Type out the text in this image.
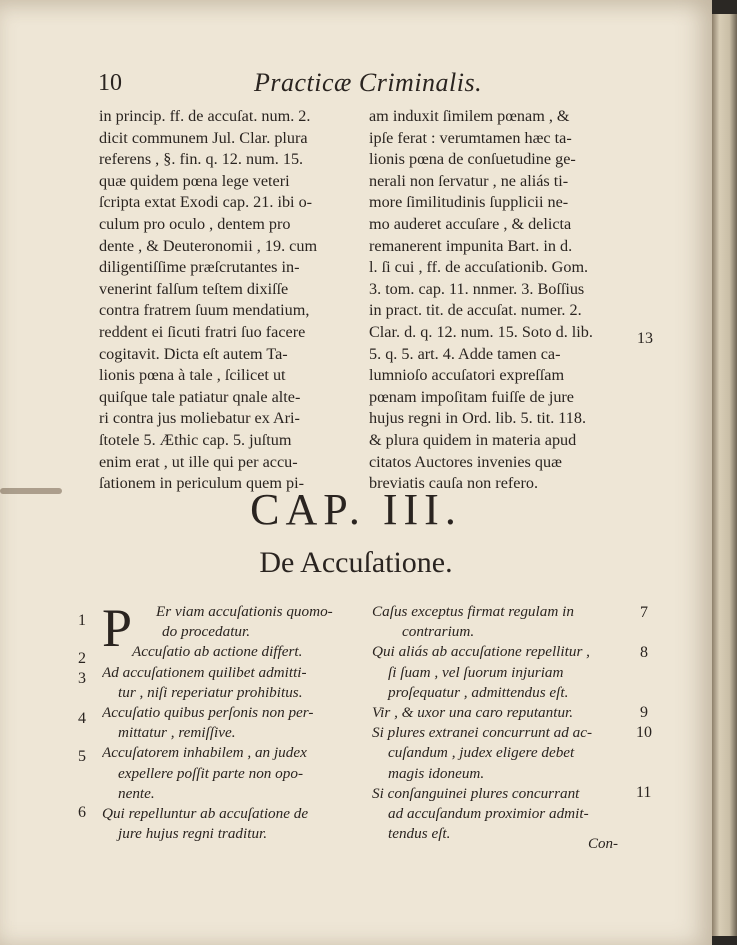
10	Practicæ Criminalis.
in princip. ff. de accuſat. num. 2.
dicit communem Jul. Clar. plura
referens , §. fin. q. 12. num. 15.
quæ quidem pœna lege veteri
ſcripta extat Exodi cap. 21. ibi o-
culum pro oculo , dentem pro
dente , & Deuteronomii , 19. cum
diligentiſſime præſcrutantes in-
venerint falſum teſtem dixiſſe
contra fratrem ſuum mendatium,
reddent ei ſicuti fratri ſuo facere
cogitavit. Dicta eſt autem Ta-
lionis pœna à tale , ſcilicet ut
quiſque tale patiatur qnale alte-
ri contra jus moliebatur ex Ari-
ſtotele 5. Æthic cap. 5. juſtum
enim erat , ut ille qui per accu-
ſationem in periculum quem pi-
am induxit ſimilem pœnam , &
ipſe ferat : verumtamen hæc ta-
lionis pœna de conſuetudine ge-
nerali non ſervatur , ne aliás ti-
more ſimilitudinis ſupplicii ne-
mo auderet accuſare , & delicta
remanerent impunita Bart. in d.
l. ſi cui , ff. de accuſationib. Gom.
3. tom. cap. 11. nnmer. 3. Boſſius
in pract. tit. de accuſat. numer. 2.
Clar. d. q. 12. num. 15. Soto d. lib.
5. q. 5. art. 4. Adde tamen ca-
lumnioſo accuſatori expreſſam
pœnam impoſitam fuiſſe de jure
hujus regni in Ord. lib. 5. tit. 118.
& plura quidem in materia apud
citatos Auctores invenies quæ
breviatis cauſa non refero.
13
CAP. III.
De Accuſatione.
P	Er viam accuſationis quomo-
do procedatur.
Accuſatio ab actione differt.
Ad accuſationem quilibet admitti-
tur , niſi reperiatur prohibitus.
Accuſatio quibus perſonis non per-
mittatur , remiſſive.
Accuſatorem inhabilem , an judex
expellere poſſit parte non opo-
nente.
Qui repelluntur ab accuſatione de
jure hujus regni traditur.
1
2
3
4
5
6
Caſus exceptus firmat regulam in
contrarium.
Qui aliás ab accuſatione repellitur ,
ſi ſuam , vel ſuorum injuriam
proſequatur , admittendus eſt.
Vir , & uxor una caro reputantur.
Si plures extranei concurrunt ad ac-
cuſandum , judex eligere debet
magis idoneum.
Si conſanguinei plures concurrant
ad accuſandum proximior admit-
tendus eſt.
7
8
9
10
11
Con-
